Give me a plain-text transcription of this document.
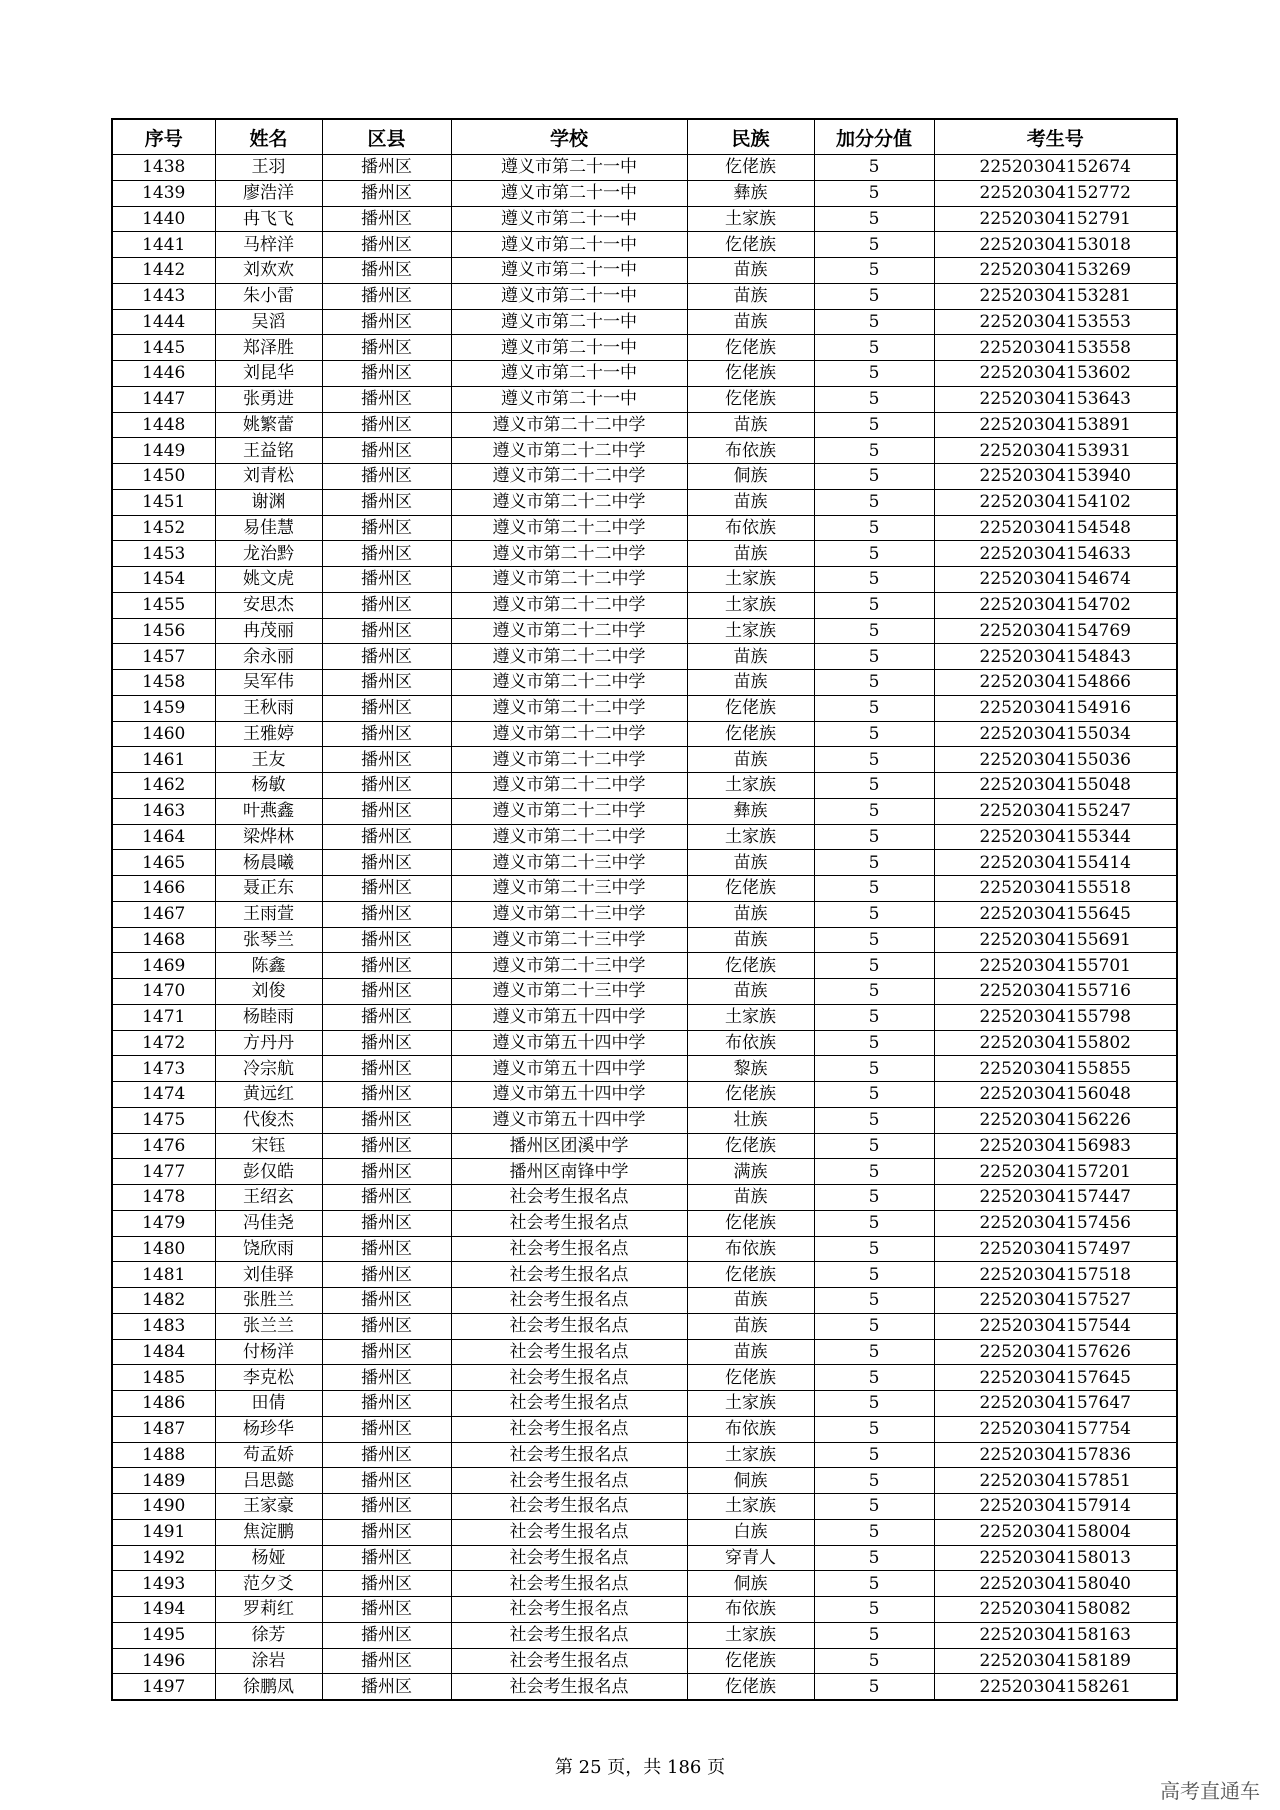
序号	姓名	区县	学校	民族	加分分值	考生号
1438	王羽	播州区	遵义市第二十一中	仡佬族	5	22520304152674
1439	廖浩洋	播州区	遵义市第二十一中	彝族	5	22520304152772
1440	冉飞飞	播州区	遵义市第二十一中	土家族	5	22520304152791
1441	马梓洋	播州区	遵义市第二十一中	仡佬族	5	22520304153018
1442	刘欢欢	播州区	遵义市第二十一中	苗族	5	22520304153269
1443	朱小雷	播州区	遵义市第二十一中	苗族	5	22520304153281
1444	吴滔	播州区	遵义市第二十一中	苗族	5	22520304153553
1445	郑泽胜	播州区	遵义市第二十一中	仡佬族	5	22520304153558
1446	刘昆华	播州区	遵义市第二十一中	仡佬族	5	22520304153602
1447	张勇进	播州区	遵义市第二十一中	仡佬族	5	22520304153643
1448	姚繁蕾	播州区	遵义市第二十二中学	苗族	5	22520304153891
1449	王益铭	播州区	遵义市第二十二中学	布依族	5	22520304153931
1450	刘青松	播州区	遵义市第二十二中学	侗族	5	22520304153940
1451	谢渊	播州区	遵义市第二十二中学	苗族	5	22520304154102
1452	易佳慧	播州区	遵义市第二十二中学	布依族	5	22520304154548
1453	龙治黔	播州区	遵义市第二十二中学	苗族	5	22520304154633
1454	姚文虎	播州区	遵义市第二十二中学	土家族	5	22520304154674
1455	安思杰	播州区	遵义市第二十二中学	土家族	5	22520304154702
1456	冉茂丽	播州区	遵义市第二十二中学	土家族	5	22520304154769
1457	余永丽	播州区	遵义市第二十二中学	苗族	5	22520304154843
1458	吴军伟	播州区	遵义市第二十二中学	苗族	5	22520304154866
1459	王秋雨	播州区	遵义市第二十二中学	仡佬族	5	22520304154916
1460	王雅婷	播州区	遵义市第二十二中学	仡佬族	5	22520304155034
1461	王友	播州区	遵义市第二十二中学	苗族	5	22520304155036
1462	杨敏	播州区	遵义市第二十二中学	土家族	5	22520304155048
1463	叶燕鑫	播州区	遵义市第二十二中学	彝族	5	22520304155247
1464	梁烨林	播州区	遵义市第二十二中学	土家族	5	22520304155344
1465	杨晨曦	播州区	遵义市第二十三中学	苗族	5	22520304155414
1466	聂正东	播州区	遵义市第二十三中学	仡佬族	5	22520304155518
1467	王雨萱	播州区	遵义市第二十三中学	苗族	5	22520304155645
1468	张琴兰	播州区	遵义市第二十三中学	苗族	5	22520304155691
1469	陈鑫	播州区	遵义市第二十三中学	仡佬族	5	22520304155701
1470	刘俊	播州区	遵义市第二十三中学	苗族	5	22520304155716
1471	杨睦雨	播州区	遵义市第五十四中学	土家族	5	22520304155798
1472	方丹丹	播州区	遵义市第五十四中学	布依族	5	22520304155802
1473	冷宗航	播州区	遵义市第五十四中学	黎族	5	22520304155855
1474	黄远红	播州区	遵义市第五十四中学	仡佬族	5	22520304156048
1475	代俊杰	播州区	遵义市第五十四中学	壮族	5	22520304156226
1476	宋钰	播州区	播州区团溪中学	仡佬族	5	22520304156983
1477	彭仅皓	播州区	播州区南锋中学	满族	5	22520304157201
1478	王绍玄	播州区	社会考生报名点	苗族	5	22520304157447
1479	冯佳尧	播州区	社会考生报名点	仡佬族	5	22520304157456
1480	饶欣雨	播州区	社会考生报名点	布依族	5	22520304157497
1481	刘佳驿	播州区	社会考生报名点	仡佬族	5	22520304157518
1482	张胜兰	播州区	社会考生报名点	苗族	5	22520304157527
1483	张兰兰	播州区	社会考生报名点	苗族	5	22520304157544
1484	付杨洋	播州区	社会考生报名点	苗族	5	22520304157626
1485	李克松	播州区	社会考生报名点	仡佬族	5	22520304157645
1486	田倩	播州区	社会考生报名点	土家族	5	22520304157647
1487	杨珍华	播州区	社会考生报名点	布依族	5	22520304157754
1488	苟孟娇	播州区	社会考生报名点	土家族	5	22520304157836
1489	吕思懿	播州区	社会考生报名点	侗族	5	22520304157851
1490	王家豪	播州区	社会考生报名点	土家族	5	22520304157914
1491	焦淀鹏	播州区	社会考生报名点	白族	5	22520304158004
1492	杨娅	播州区	社会考生报名点	穿青人	5	22520304158013
1493	范夕爻	播州区	社会考生报名点	侗族	5	22520304158040
1494	罗莉红	播州区	社会考生报名点	布依族	5	22520304158082
1495	徐芳	播州区	社会考生报名点	土家族	5	22520304158163
1496	涂岩	播州区	社会考生报名点	仡佬族	5	22520304158189
1497	徐鹏凤	播州区	社会考生报名点	仡佬族	5	22520304158261
第 25 页，共 186 页
高考直通车
